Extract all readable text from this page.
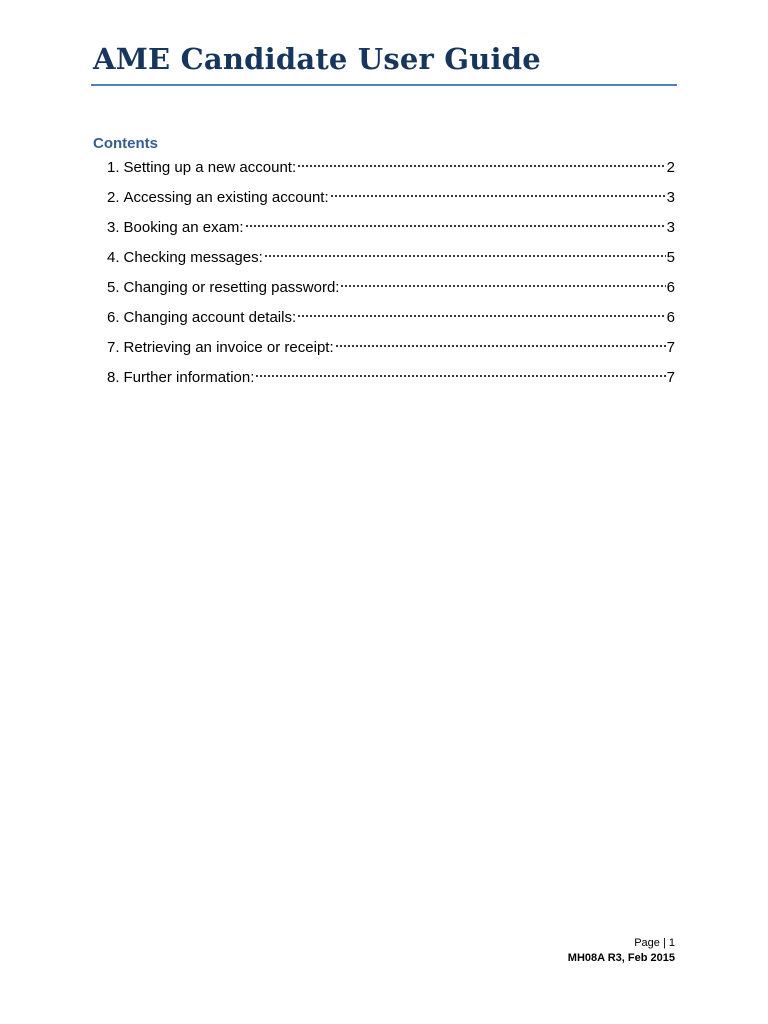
AME Candidate User Guide
Contents
1. Setting up a new account:	2
2. Accessing an existing account:	3
3. Booking an exam:	3
4. Checking messages:	5
5. Changing or resetting password:	6
6. Changing account details:	6
7. Retrieving an invoice or receipt:	7
8. Further information:	7
Page | 1
MH08A R3, Feb 2015
